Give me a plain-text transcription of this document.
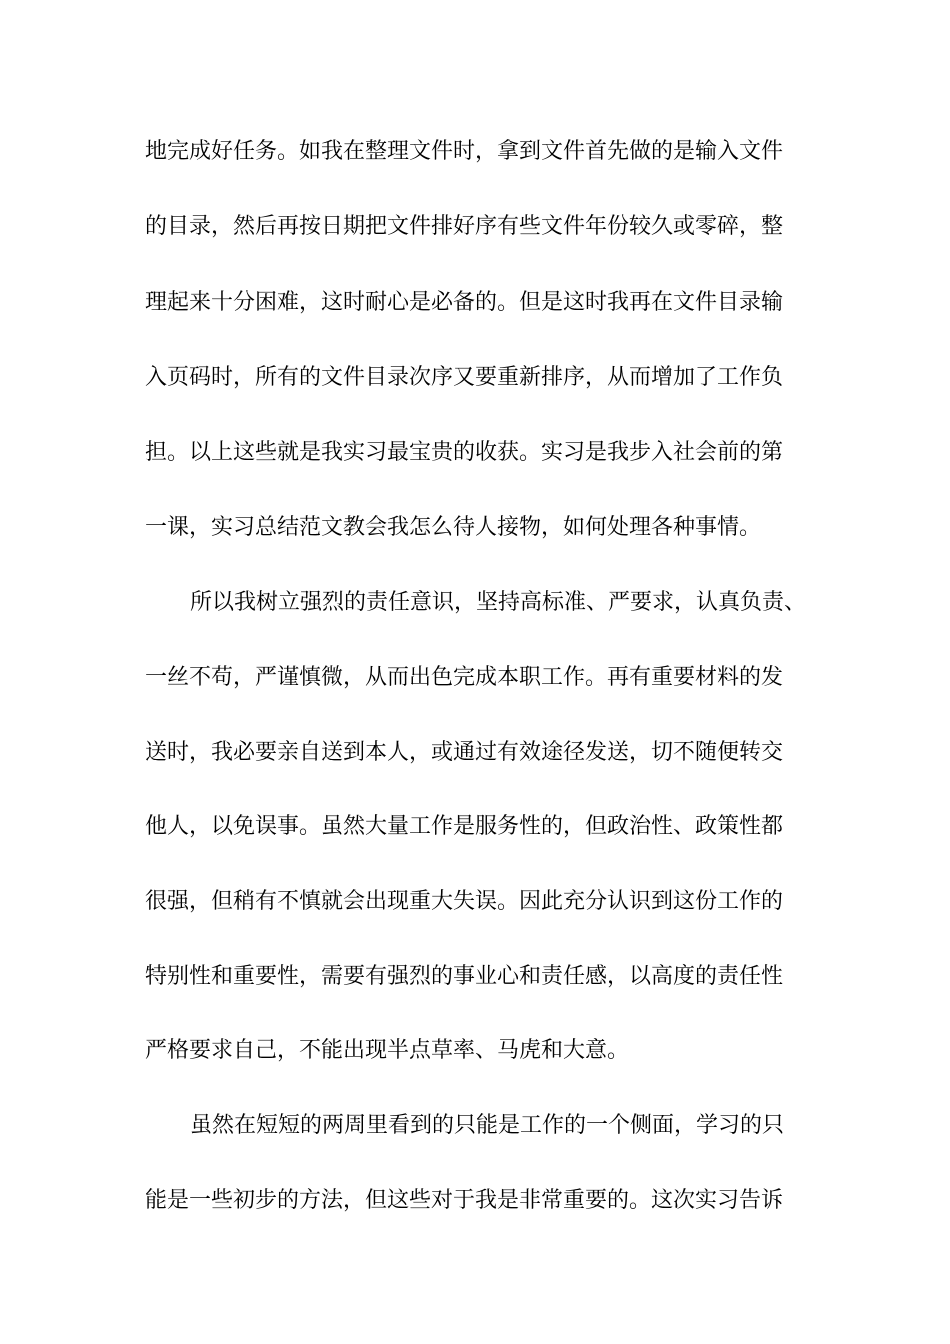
地完成好任务。如我在整理文件时，拿到文件首先做的是输入文件
的目录，然后再按日期把文件排好序有些文件年份较久或零碎，整
理起来十分困难，这时耐心是必备的。但是这时我再在文件目录输
入页码时，所有的文件目录次序又要重新排序，从而增加了工作负
担。以上这些就是我实习最宝贵的收获。实习是我步入社会前的第
一课，实习总结范文教会我怎么待人接物，如何处理各种事情。
所以我树立强烈的责任意识，坚持高标准、严要求，认真负责、
一丝不苟，严谨慎微，从而出色完成本职工作。再有重要材料的发
送时，我必要亲自送到本人，或通过有效途径发送，切不随便转交
他人，以免误事。虽然大量工作是服务性的，但政治性、政策性都
很强，但稍有不慎就会出现重大失误。因此充分认识到这份工作的
特别性和重要性，需要有强烈的事业心和责任感，以高度的责任性
严格要求自己，不能出现半点草率、马虎和大意。
虽然在短短的两周里看到的只能是工作的一个侧面，学习的只
能是一些初步的方法，但这些对于我是非常重要的。这次实习告诉
